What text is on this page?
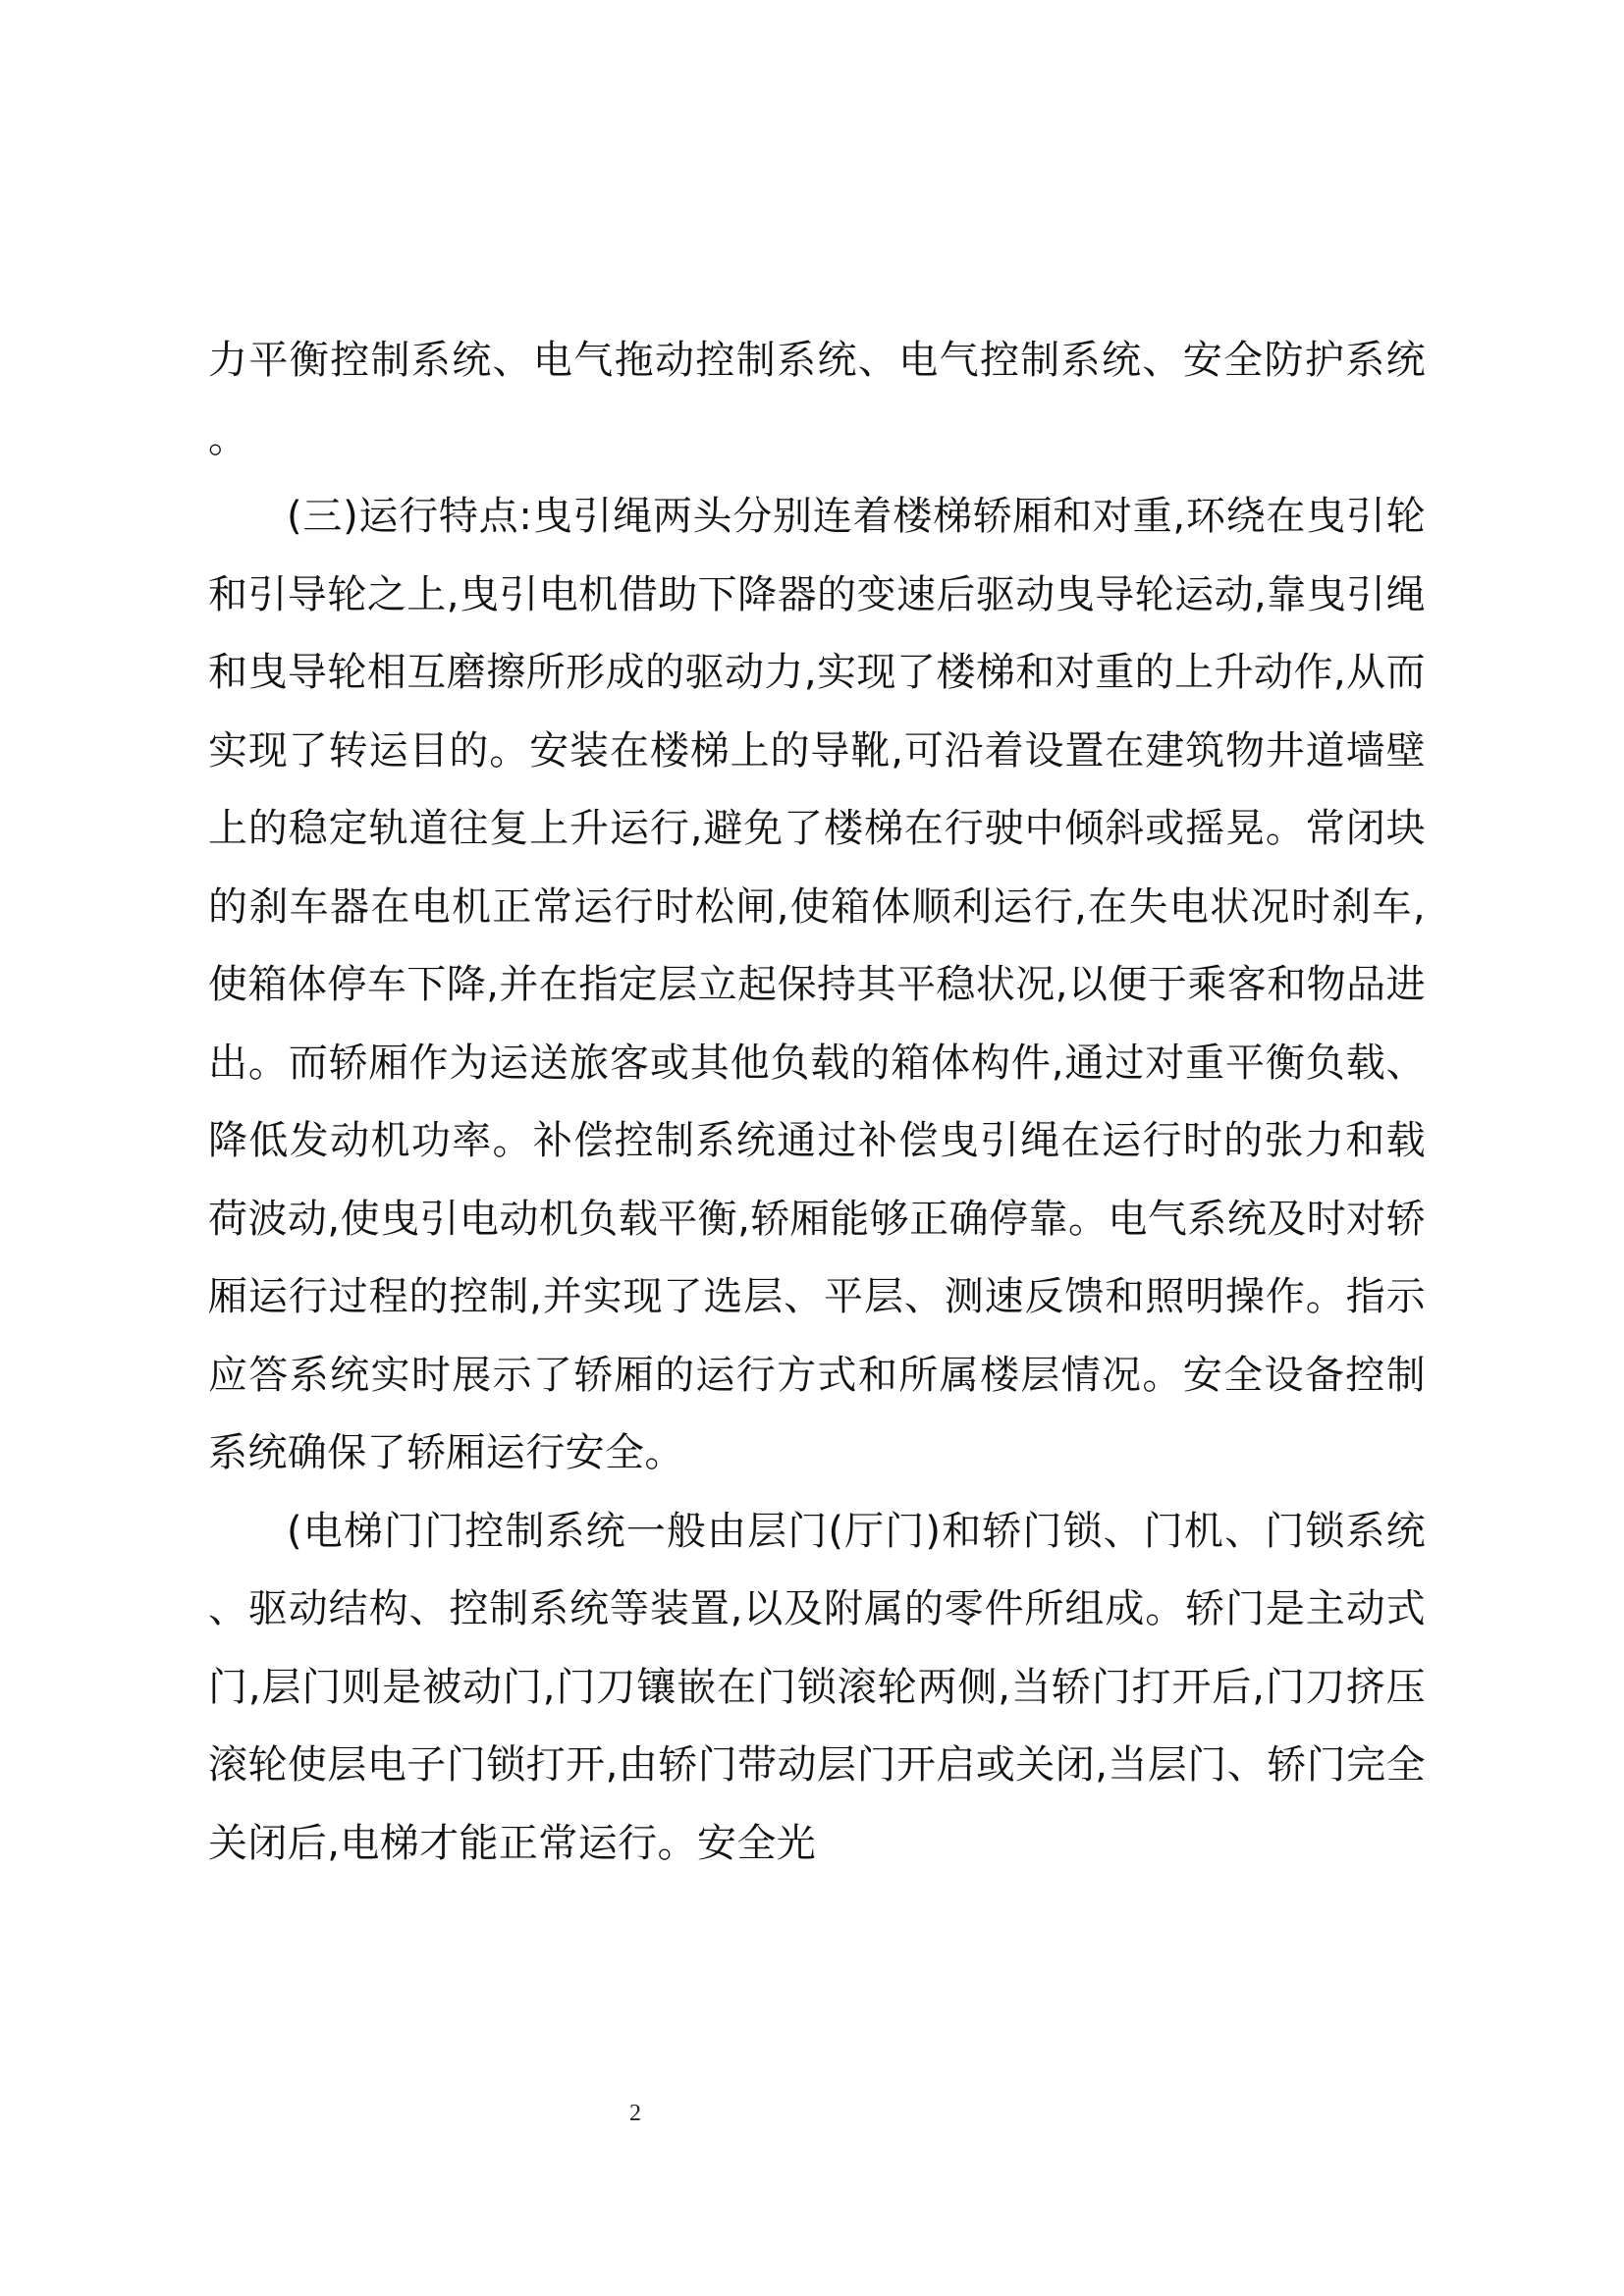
力平衡控制系统、电气拖动控制系统、电气控制系统、安全防护系统。

(三)运行特点:曳引绳两头分别连着楼梯轿厢和对重,环绕在曳引轮和引导轮之上,曳引电机借助下降器的变速后驱动曳导轮运动,靠曳引绳和曳导轮相互磨擦所形成的驱动力,实现了楼梯和对重的上升动作,从而实现了转运目的。安装在楼梯上的导靴,可沿着设置在建筑物井道墙壁上的稳定轨道往复上升运行,避免了楼梯在行驶中倾斜或摇晃。常闭块的刹车器在电机正常运行时松闸,使箱体顺利运行,在失电状况时刹车,使箱体停车下降,并在指定层立起保持其平稳状况,以便于乘客和物品进出。而轿厢作为运送旅客或其他负载的箱体构件,通过对重平衡负载、降低发动机功率。补偿控制系统通过补偿曳引绳在运行时的张力和载荷波动,使曳引电动机负载平衡,轿厢能够正确停靠。电气系统及时对轿厢运行过程的控制,并实现了选层、平层、测速反馈和照明操作。指示应答系统实时展示了轿厢的运行方式和所属楼层情况。安全设备控制系统确保了轿厢运行安全。

(电梯门门控制系统一般由层门(厅门)和轿门锁、门机、门锁系统、驱动结构、控制系统等装置,以及附属的零件所组成。轿门是主动式门,层门则是被动门,门刀镶嵌在门锁滚轮两侧,当轿门打开后,门刀挤压滚轮使层电子门锁打开,由轿门带动层门开启或关闭,当层门、轿门完全关闭后,电梯才能正常运行。安全光

2
